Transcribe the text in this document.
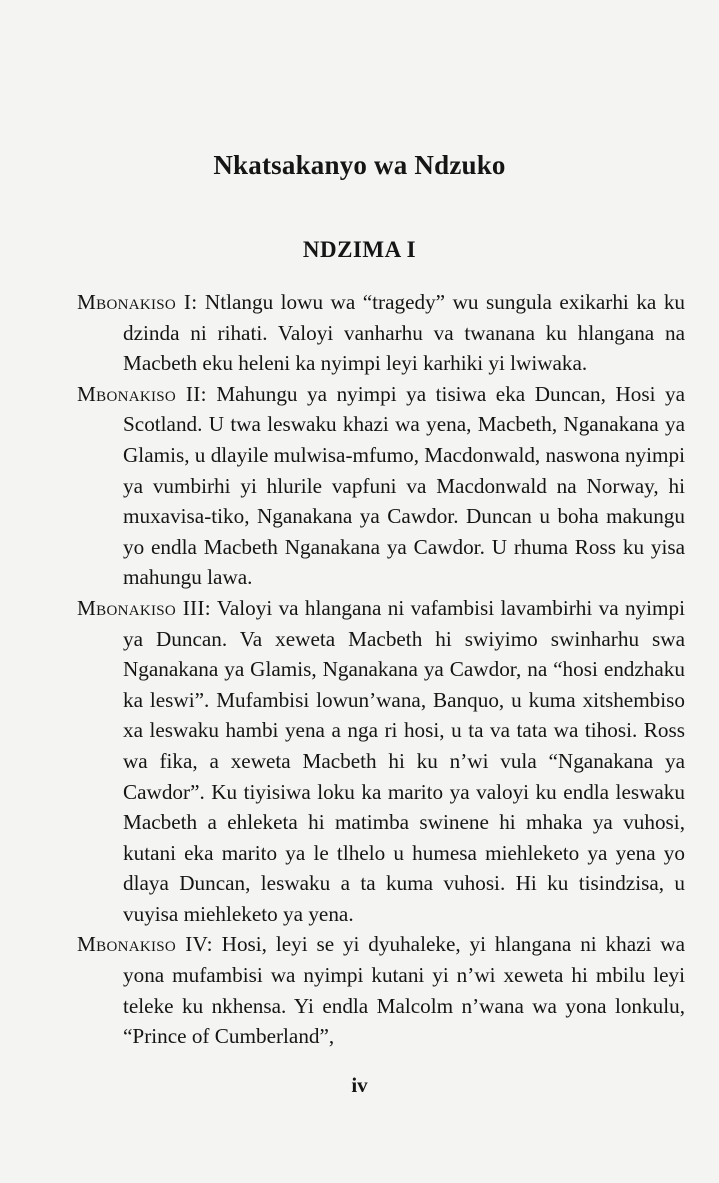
Nkatsakanyo wa Ndzuko
NDZIMA I

Mbonakiso I: Ntlangu lowu wa “tragedy” wu sungula exikarhi ka ku dzinda ni rihati. Valoyi vanharhu va twanana ku hlangana na Macbeth eku heleni ka nyimpi leyi karhiki yi lwiwaka.

Mbonakiso II: Mahungu ya nyimpi ya tisiwa eka Duncan, Hosi ya Scotland. U twa leswaku khazi wa yena, Macbeth, Nganakana ya Glamis, u dlayile mulwisa-mfumo, Macdonwald, naswona nyimpi ya vumbirhi yi hlurile vapfuni va Macdonwald na Norway, hi muxavisa-tiko, Nganakana ya Cawdor. Duncan u boha makungu yo endla Macbeth Nganakana ya Cawdor. U rhuma Ross ku yisa mahungu lawa.

Mbonakiso III: Valoyi va hlangana ni vafambisi lavambirhi va nyimpi ya Duncan. Va xeweta Macbeth hi swiyimo swinharhu swa Nganakana ya Glamis, Nganakana ya Cawdor, na “hosi endzhaku ka leswi”. Mufambisi lowun’wana, Banquo, u kuma xitshembiso xa leswaku hambi yena a nga ri hosi, u ta va tata wa tihosi. Ross wa fika, a xeweta Macbeth hi ku n’wi vula “Nganakana ya Cawdor”. Ku tiyisiwa loku ka marito ya valoyi ku endla leswaku Macbeth a ehleketa hi matimba swinene hi mhaka ya vuhosi, kutani eka marito ya le tlhelo u humesa miehleketo ya yena yo dlaya Duncan, leswaku a ta kuma vuhosi. Hi ku tisindzisa, u vuyisa miehleketo ya yena.

Mbonakiso IV: Hosi, leyi se yi dyuhaleke, yi hlangana ni khazi wa yona mufambisi wa nyimpi kutani yi n’wi xeweta hi mbilu leyi teleke ku nkhensa. Yi endla Malcolm n’wana wa yona lonkulu, “Prince of Cumberland”,

iv
